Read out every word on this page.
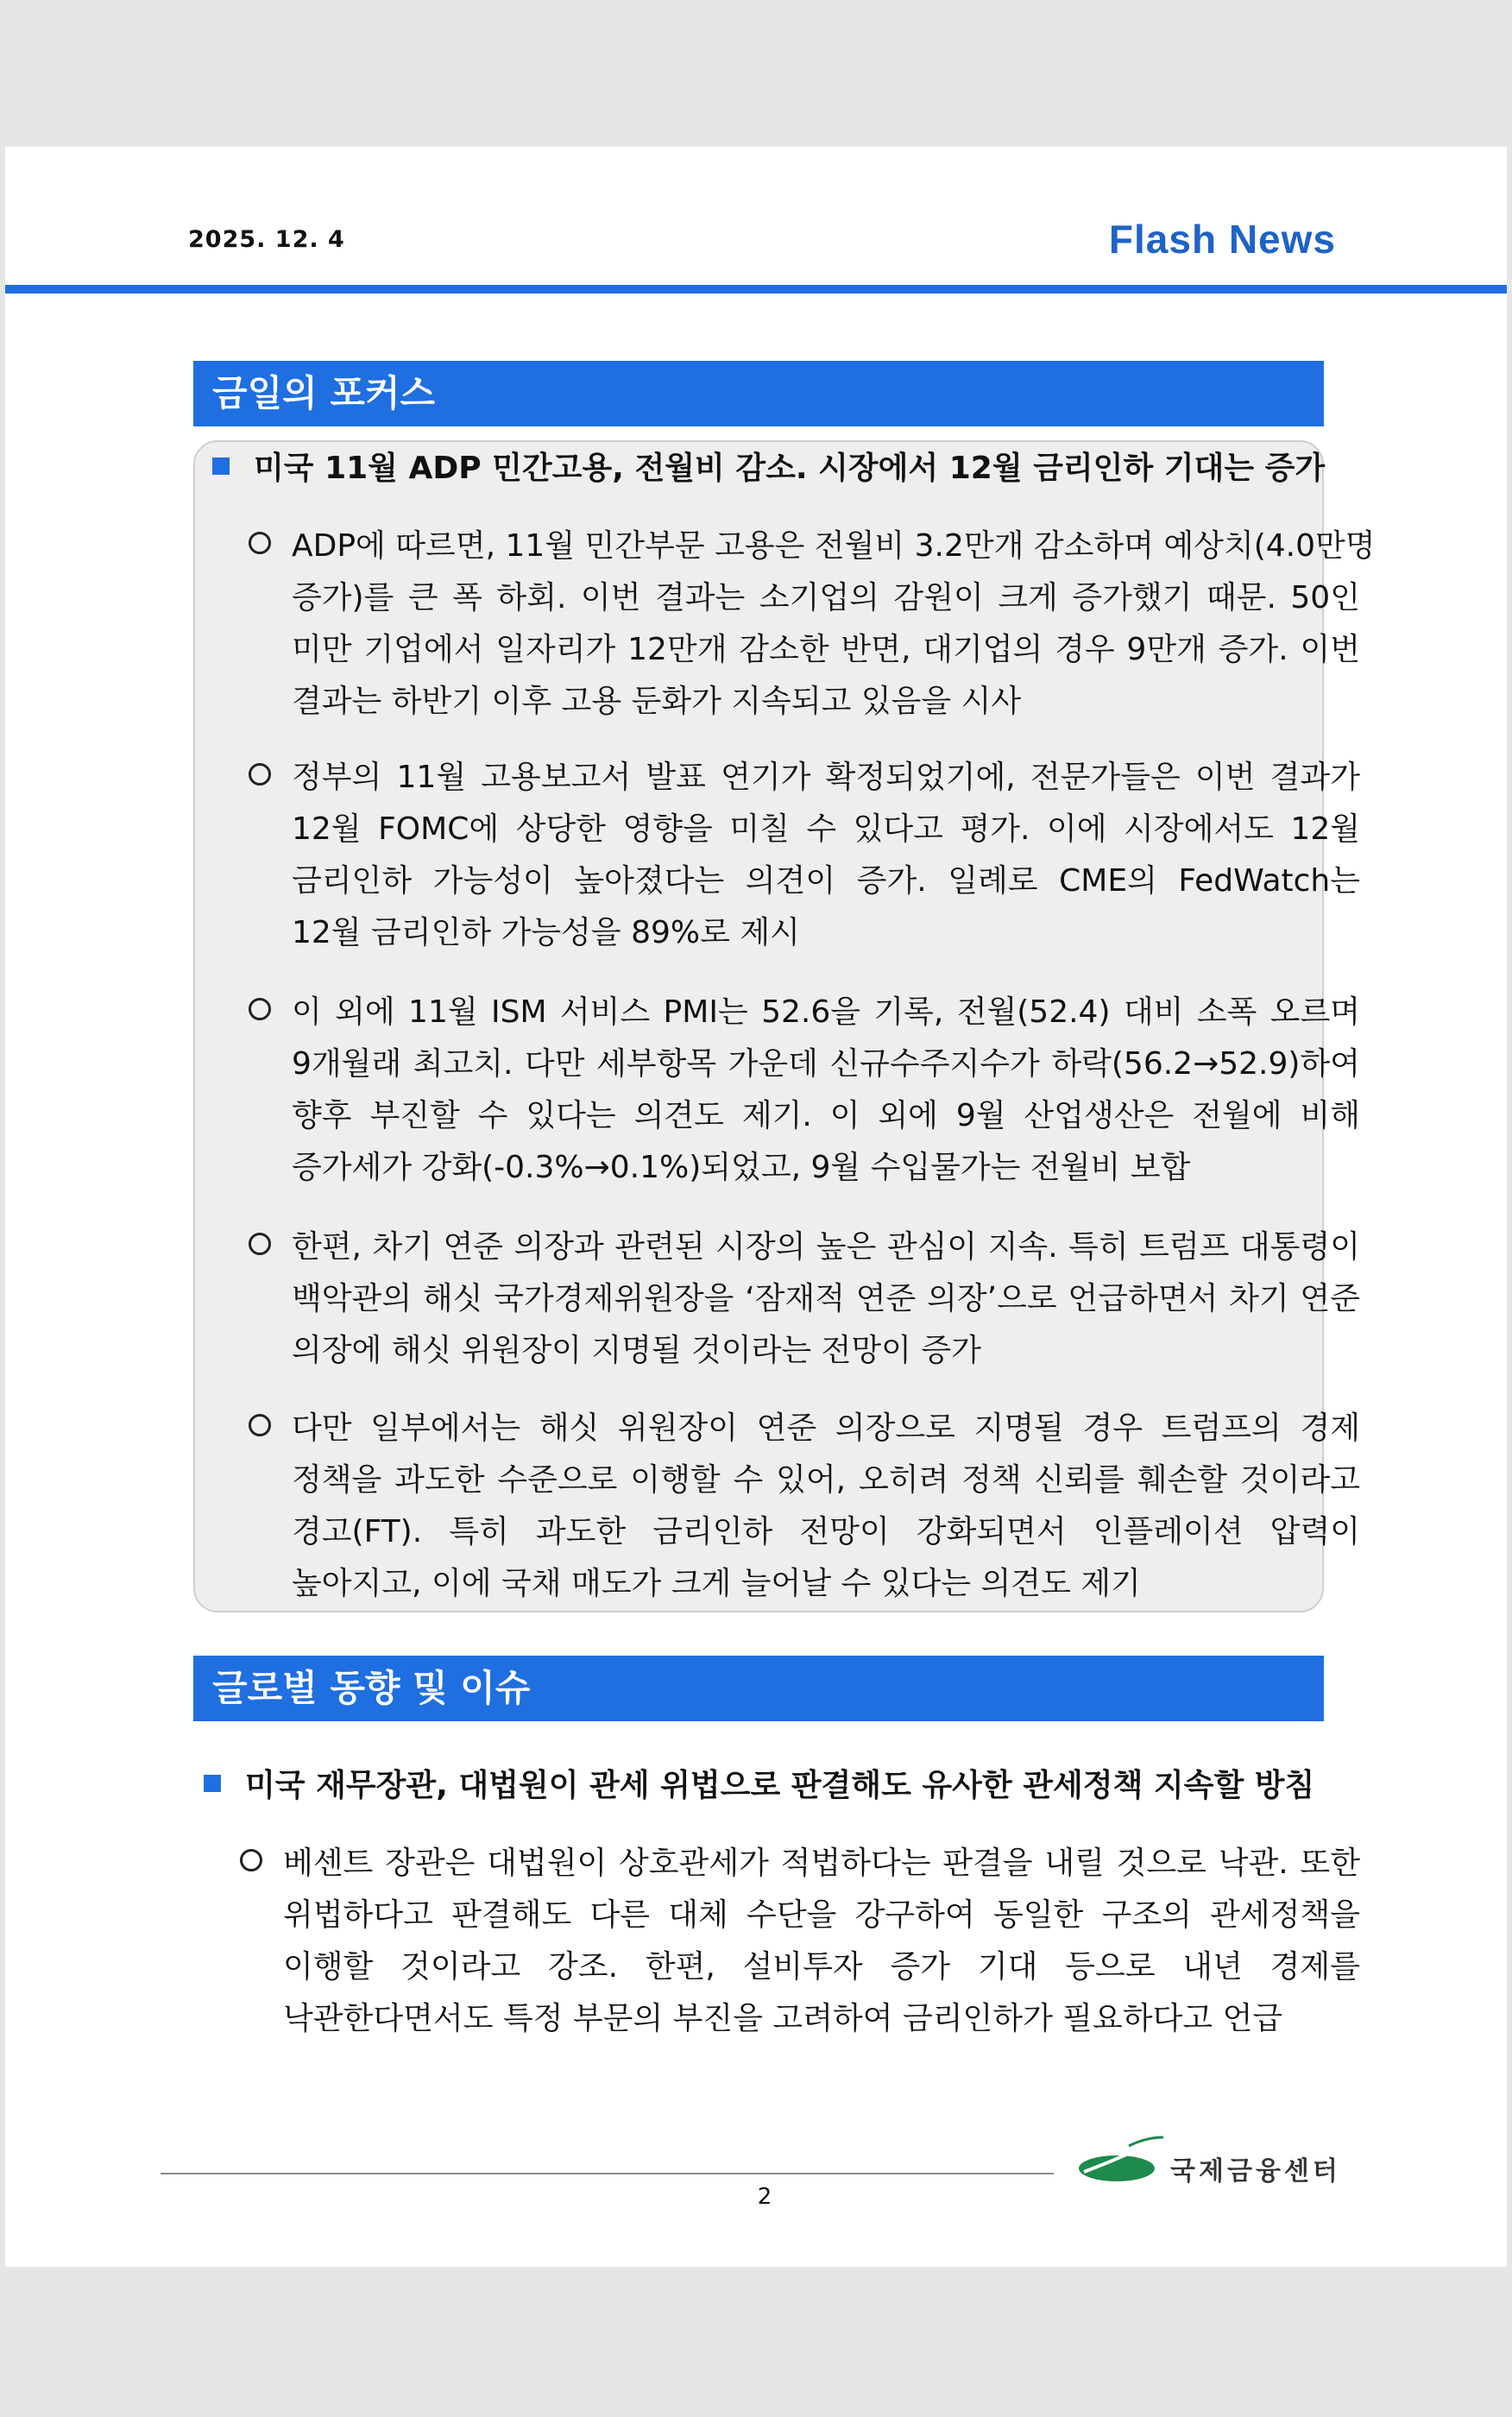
2025. 12. 4	Flash News
금일의 포커스
미국 11월 ADP 민간고용, 전월비 감소. 시장에서 12월 금리인하 기대는 증가
ADP에 따르면, 11월 민간부문 고용은 전월비 3.2만개 감소하며 예상치(4.0만명
증가)를 큰 폭 하회. 이번 결과는 소기업의 감원이 크게 증가했기 때문. 50인
미만 기업에서 일자리가 12만개 감소한 반면, 대기업의 경우 9만개 증가. 이번
결과는 하반기 이후 고용 둔화가 지속되고 있음을 시사
정부의 11월 고용보고서 발표 연기가 확정되었기에, 전문가들은 이번 결과가
12월 FOMC에 상당한 영향을 미칠 수 있다고 평가. 이에 시장에서도 12월
금리인하 가능성이 높아졌다는 의견이 증가. 일례로 CME의 FedWatch는
12월 금리인하 가능성을 89%로 제시
이 외에 11월 ISM 서비스 PMI는 52.6을 기록, 전월(52.4) 대비 소폭 오르며
9개월래 최고치. 다만 세부항목 가운데 신규수주지수가 하락(56.2→52.9)하여
향후 부진할 수 있다는 의견도 제기. 이 외에 9월 산업생산은 전월에 비해
증가세가 강화(-0.3%→0.1%)되었고, 9월 수입물가는 전월비 보합
한편, 차기 연준 의장과 관련된 시장의 높은 관심이 지속. 특히 트럼프 대통령이
백악관의 해싯 국가경제위원장을 ‘잠재적 연준 의장’으로 언급하면서 차기 연준
의장에 해싯 위원장이 지명될 것이라는 전망이 증가
다만 일부에서는 해싯 위원장이 연준 의장으로 지명될 경우 트럼프의 경제
정책을 과도한 수준으로 이행할 수 있어, 오히려 정책 신뢰를 훼손할 것이라고
경고(FT). 특히 과도한 금리인하 전망이 강화되면서 인플레이션 압력이
높아지고, 이에 국채 매도가 크게 늘어날 수 있다는 의견도 제기
글로벌 동향 및 이슈
미국 재무장관, 대법원이 관세 위법으로 판결해도 유사한 관세정책 지속할 방침
베센트 장관은 대법원이 상호관세가 적법하다는 판결을 내릴 것으로 낙관. 또한
위법하다고 판결해도 다른 대체 수단을 강구하여 동일한 구조의 관세정책을
이행할 것이라고 강조. 한편, 설비투자 증가 기대 등으로 내년 경제를
낙관한다면서도 특정 부문의 부진을 고려하여 금리인하가 필요하다고 언급
국제금융센터
2
